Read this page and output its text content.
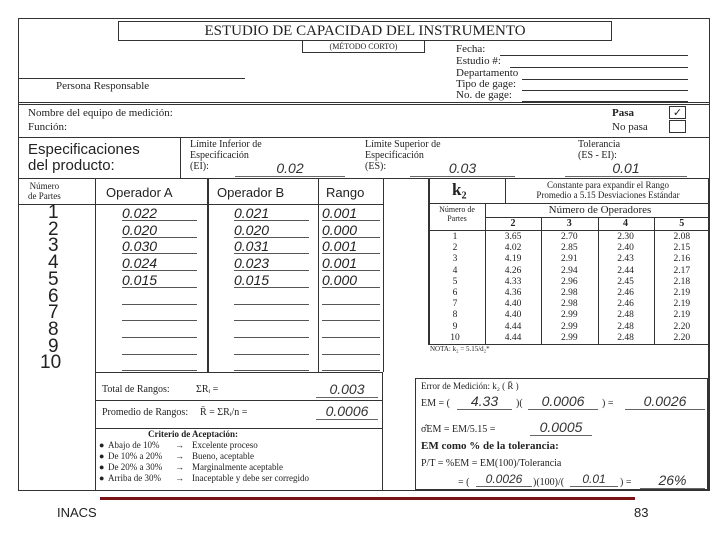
ESTUDIO DE CAPACIDAD DEL INSTRUMENTO
(MÉTODO CORTO)	Fecha:
Estudio #:
Departamento
Tipo de gage:
No. de gage:
Persona Responsable
Nombre del equipo de medición:
Función:
Pasa	✓
No pasa
Especificaciones
del producto:
Límite Inferior de
Especificación
(EI):	0.02
Límite Superior de
Especificación
(ES):	0.03
Tolerancia
(ES - EI):
0.01
Número
de Partes	Operador A	Operador B	Rango
1	0.022	0.021	0.001
2	0.020	0.020	0.000
3	0.030	0.031	0.001
4	0.024	0.023	0.001
5	0.015	0.015	0.000
6
7
8
9
10
k₂	Constante para expandir el Rango
Promedio a 5.15 Desviaciones Estándar
Número de Partes
Número de Operadores
2	3	4	5
1	3.65	2.70	2.30	2.08
2	4.02	2.85	2.40	2.15
3	4.19	2.91	2.43	2.16
4	4.26	2.94	2.44	2.17
5	4.33	2.96	2.45	2.18
6	4.36	2.98	2.46	2.19
7	4.40	2.98	2.46	2.19
8	4.40	2.99	2.48	2.19
9	4.44	2.99	2.48	2.20
10	4.44	2.99	2.48	2.20
NOTA: k₂ = 5.15/d₂*
Total de Rangos:	ΣRᵢ =	0.003
Promedio de Rangos: R̄ = ΣRᵢ/n =	0.0006
Criterio de Aceptación:
● Abajo de 10% → Excelente proceso
● De 10% a 20% → Bueno, aceptable
● De 20% a 30% → Marginalmente aceptable
● Arriba de 30% → Inaceptable y debe ser corregido
Error de Medición: k₂ ( R̄ )
EM = (	4.33	)(	0.0006	) =	0.0026
σ̂EM = EM/5.15 =	0.0005
EM como % de la tolerancia:
P/T = %EM = EM(100)/Tolerancia
= (	0.0026	)(100)/(	0.01	) =	26%
INACS	83
